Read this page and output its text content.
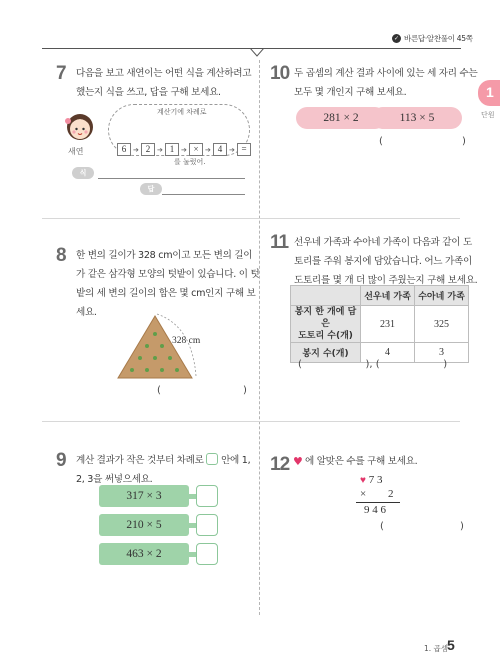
✓ 바른답·알찬풀이 45쪽
1
단원
7 다음을 보고 새연이는 어떤 식을 계산하려고
했는지 식을 쓰고, 답을 구해 보세요.
새연
계산기에 차례로
를 눌렀어.
6 ➔ 2 ➔ 1 ➔ × ➔ 4 ➔ =
식
답
8 한 변의 길이가 328 cm이고 모든 변의 길이
가 같은 삼각형 모양의 텃밭이 있습니다. 이 텃
밭의 세 변의 길이의 합은 몇 cm인지 구해 보
세요.
328 cm
(	)
9 계산 결과가 작은 것부터 차례로 안에 1,
2, 3을 써넣으세요.
317 × 3
210 × 5
463 × 2
10 두 곱셈의 계산 결과 사이에 있는 세 자리 수는
모두 몇 개인지 구해 보세요.
281 × 2	113 × 5
(	)
11 선우네 가족과 수아네 가족이 다음과 같이 도
토리를 주워 봉지에 담았습니다. 어느 가족이
도토리를 몇 개 더 많이 주웠는지 구해 보세요.
	선우네 가족	수아네 가족

봉지 한 개에 담은
도토리 수(개)	231	325
봉지 수(개)	4	3
(                    ), (                    )
12 ♥ 에 알맞은 수를 구해 보세요.
♥ 7 3
× 2
9 4 6
(	)
1. 곱셈
5
